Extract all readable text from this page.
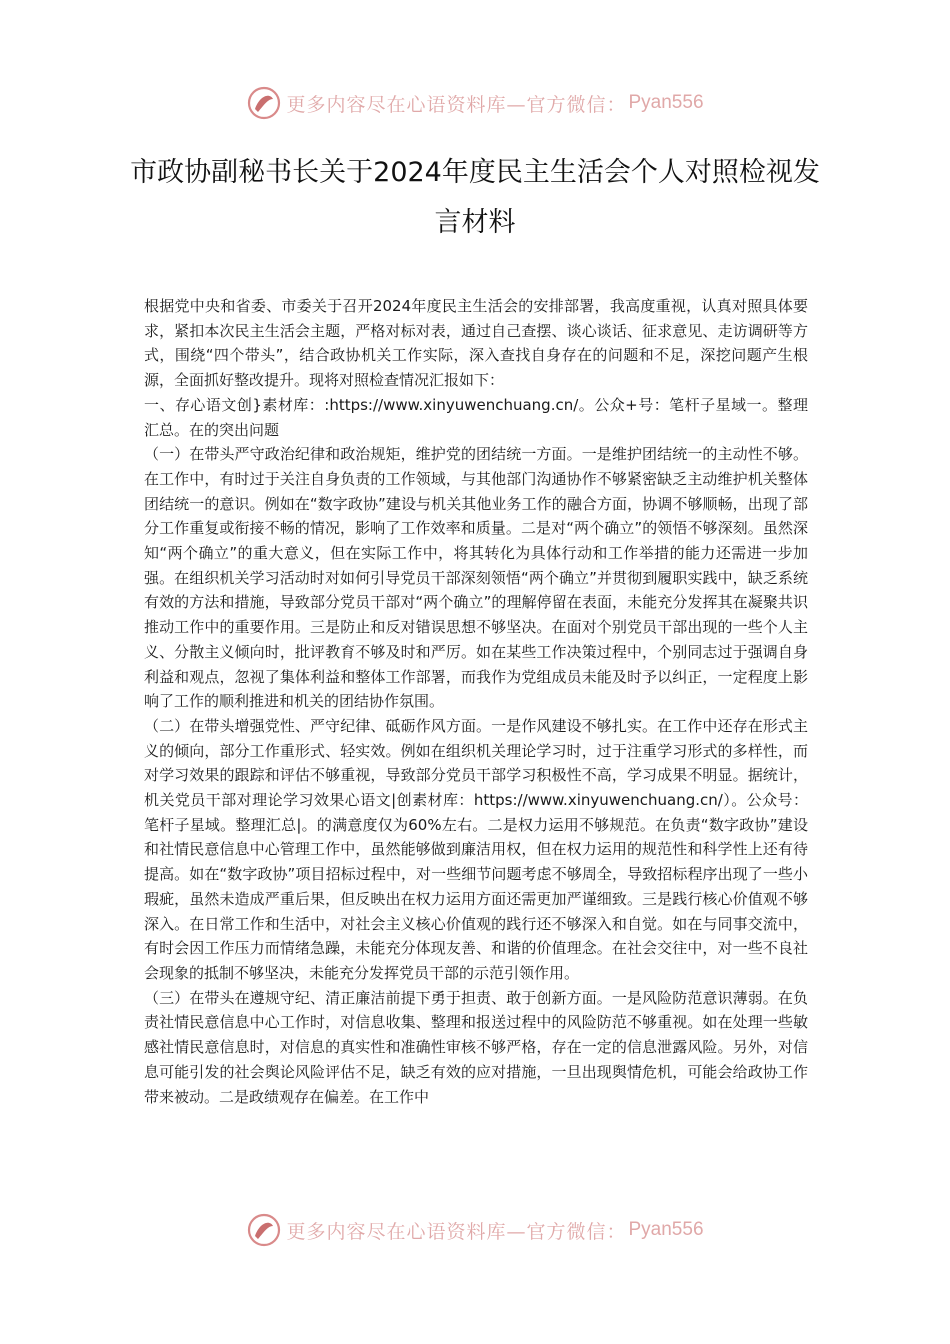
更多内容尽在心语资料库—官方微信： Pyan556
市政协副秘书长关于2024年度民主生活会个人对照检视发言材料

根据党中央和省委、市委关于召开2024年度民主生活会的安排部署，我高度重视，认真对照具体要求，紧扣本次民主生活会主题，严格对标对表，通过自己查摆、谈心谈话、征求意见、走访调研等方式，围绕“四个带头”，结合政协机关工作实际，深入查找自身存在的问题和不足，深挖问题产生根源，全面抓好整改提升。现将对照检查情况汇报如下：

一、存心语文创}素材库：:https://www.xinyuwenchuang.cn/。公众+号：笔杆子星域一。整理汇总。在的突出问题

（一）在带头严守政治纪律和政治规矩，维护党的团结统一方面。一是维护团结统一的主动性不够。在工作中，有时过于关注自身负责的工作领域，与其他部门沟通协作不够紧密缺乏主动维护机关整体团结统一的意识。例如在“数字政协”建设与机关其他业务工作的融合方面，协调不够顺畅，出现了部分工作重复或衔接不畅的情况，影响了工作效率和质量。二是对“两个确立”的领悟不够深刻。虽然深知“两个确立”的重大意义，但在实际工作中，将其转化为具体行动和工作举措的能力还需进一步加强。在组织机关学习活动时对如何引导党员干部深刻领悟“两个确立”并贯彻到履职实践中，缺乏系统有效的方法和措施，导致部分党员干部对“两个确立”的理解停留在表面，未能充分发挥其在凝聚共识推动工作中的重要作用。三是防止和反对错误思想不够坚决。在面对个别党员干部出现的一些个人主义、分散主义倾向时，批评教育不够及时和严厉。如在某些工作决策过程中，个别同志过于强调自身利益和观点，忽视了集体利益和整体工作部署，而我作为党组成员未能及时予以纠正，一定程度上影响了工作的顺利推进和机关的团结协作氛围。

（二）在带头增强党性、严守纪律、砥砺作风方面。一是作风建设不够扎实。在工作中还存在形式主义的倾向，部分工作重形式、轻实效。例如在组织机关理论学习时，过于注重学习形式的多样性，而对学习效果的跟踪和评估不够重视，导致部分党员干部学习积极性不高，学习成果不明显。据统计，机关党员干部对理论学习效果心语文|创素材库：https://www.xinyuwenchuang.cn/）。公众号：笔杆子星域。整理汇总|。的满意度仅为60%左右。二是权力运用不够规范。在负责“数字政协”建设和社情民意信息中心管理工作中，虽然能够做到廉洁用权，但在权力运用的规范性和科学性上还有待提高。如在“数字政协”项目招标过程中，对一些细节问题考虑不够周全，导致招标程序出现了一些小瑕疵，虽然未造成严重后果，但反映出在权力运用方面还需更加严谨细致。三是践行核心价值观不够深入。在日常工作和生活中，对社会主义核心价值观的践行还不够深入和自觉。如在与同事交流中，有时会因工作压力而情绪急躁，未能充分体现友善、和谐的价值理念。在社会交往中，对一些不良社会现象的抵制不够坚决，未能充分发挥党员干部的示范引领作用。

（三）在带头在遵规守纪、清正廉洁前提下勇于担责、敢于创新方面。一是风险防范意识薄弱。在负责社情民意信息中心工作时，对信息收集、整理和报送过程中的风险防范不够重视。如在处理一些敏感社情民意信息时，对信息的真实性和准确性审核不够严格，存在一定的信息泄露风险。另外，对信息可能引发的社会舆论风险评估不足，缺乏有效的应对措施，一旦出现舆情危机，可能会给政协工作带来被动。二是政绩观存在偏差。在工作中

更多内容尽在心语资料库—官方微信： Pyan556
